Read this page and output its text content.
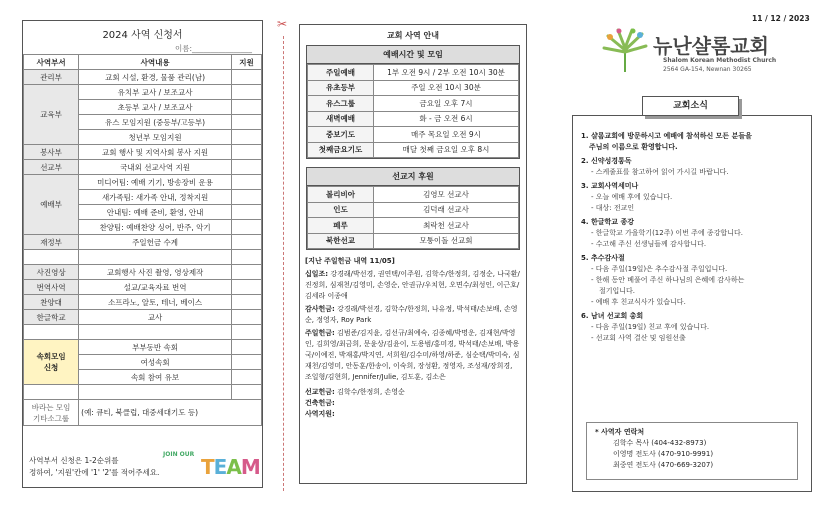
2024 사역 신청서
이름:________________
사역부서	사역내용	지원
관리부	교회 시설, 환경, 물품 관리(남)	
교육부	유치부 교사 / 보조교사	
	초등부 교사 / 보조교사	
	유스 모임지원 (중등부/고등부)	
	청년부 모임지원	
봉사부	교회 행사 및 지역사회 봉사 지원	
선교부	국내외 선교사역 지원	
예배부	미디어팀: 예배 기기, 방송장비 운용	
	새가족팀: 새가족 안내, 정착지원	
	안내팀: 예배 준비, 환영, 안내	
	찬양팀: 예배찬양 싱어, 반주, 악기	
재정부	주일헌금 수계	

사진영상	교회행사 사진 촬영, 영상제작	
번역사역	설교/교육자료 번역	
찬양대	소프라노, 알토, 테너, 베이스	
한글학교	교사	

속회모임
신청	부부동반 속회	
	여성속회	
	속회 참여 유보	

바라는 모임
기타소그룹	(예: 큐티, 북클럽, 대중세대기도 등)	
사역부서 신청은 1-2순위를
정하여, '지원'칸에 '1' '2'를 적어주세요.
JOIN OUR
TEAM
✂
교회 사역 안내
예배시간 및 모임
주일예배	1부 오전 9시 / 2부 오전 10시 30분
유초등부	주일 오전 10시 30분
유스그룹	금요일 오후 7시
새벽예배	화 - 금 오전 6시
중보기도	매주 목요일 오전 9시
첫째금요기도	매달 첫째 금요일 오후 8시
선교지 후원
볼리비아	김영모 선교사
인도	김덕래 선교사
페루	최락천 선교사
북한선교	모퉁이돌 선교회
[지난 주일헌금 내역 11/05]
십일조: 강경래/박선경, 권연택/이주원, 김학수/한정희, 김정순, 나국환/진정희, 심재천/김영미, 손영순, 안권규/우치현, 오면수/최성인, 이근호/김세라 이종애
감사헌금: 강경래/박선경, 김학수/한정희, 나유정, 박석태/손보배, 손영순, 정영자, Roy Park
주일헌금: 김범준/김지윤, 김선규/최예숙, 김종혜/박명운, 김재현/박영인, 김희영/최금희, 문윤상/김윤이, 도용범/홍미경, 박석태/손보배, 박용국/이예진, 박재홍/박지연, 서희원/김수미/하영/하준, 심순택/박미숙, 심재천/김영미, 안동훈/한송이, 이숙희, 장성환, 정영자, 조성재/장희경, 조일형/김현희, Jennifer/Julie, 김도훈, 김소은
선교헌금: 김학수/한정희, 손영순
건축헌금:
사역지원:
11 / 12 / 2023
뉴난샬롬교회
Shalom Korean Methodist Church
2564 GA-154, Newnan 30265
1. 샬롬교회에 방문하시고 예배에 참석하신 모든 분들을
주님의 이름으로 환영합니다.
2. 신약성경통독
- 스케줄표를 참고하여 읽어 가시길 바랍니다.
3. 교회사역세미나
- 오늘 예배 후에 있습니다.
- 대상: 전교인
4. 한글학교 종강
- 한글학교 가을학기(12주) 이번 주에 종강합니다.
- 수고해 주신 선생님들께 감사합니다.
5. 추수감사절
- 다음 주일(19일)은 추수감사절 주일입니다.
- 한해 동안 베풀어 주신 하나님의 은혜에 감사하는
절기입니다.
- 예배 후 친교식사가 있습니다.
6. 남녀 선교회 총회
- 다음 주일(19일) 친교 후에 있습니다.
- 선교회 사역 결산 및 임원선출
교회소식
* 사역자 연락처
김학수 목사 (404-432-8973)
이영명 전도사 (470-910-9991)
최중연 전도사 (470-669-3207)
